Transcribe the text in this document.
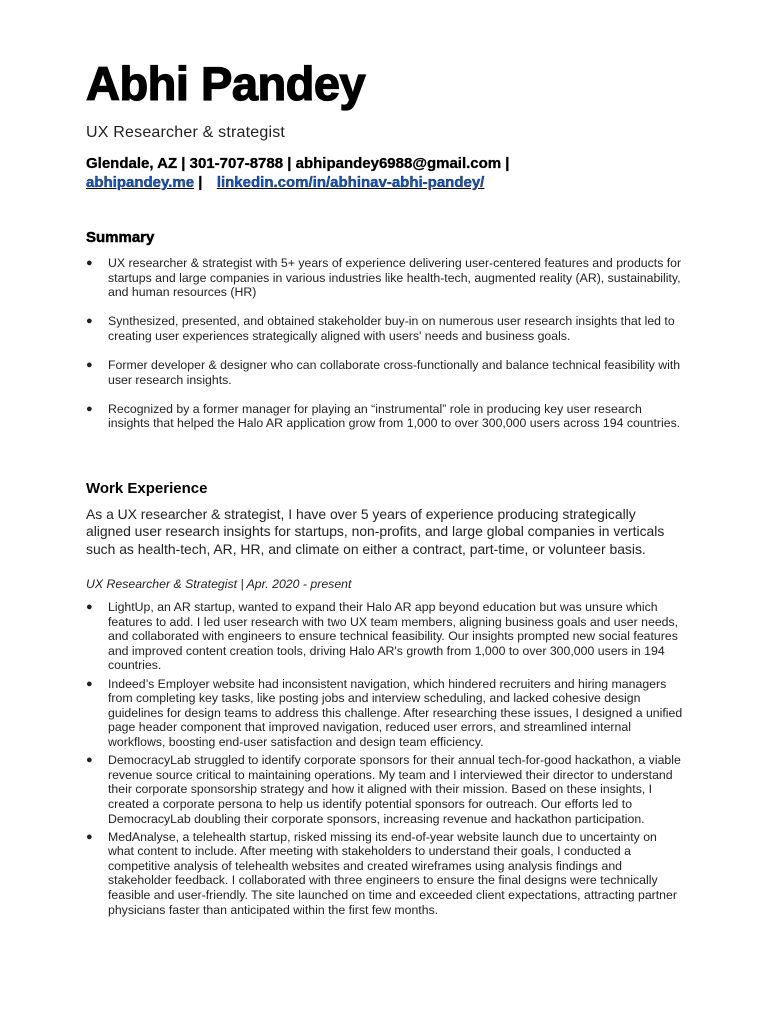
Abhi Pandey
UX Researcher & strategist
Glendale, AZ | 301-707-8788 | abhipandey6988@gmail.com |
abhipandey.me |  linkedin.com/in/abhinav-abhi-pandey/
Summary
● UX researcher & strategist with 5+ years of experience delivering user-centered features and products for startups and large companies in various industries like health-tech, augmented reality (AR), sustainability, and human resources (HR)
● Synthesized, presented, and obtained stakeholder buy-in on numerous user research insights that led to creating user experiences strategically aligned with users' needs and business goals.
● Former developer & designer who can collaborate cross-functionally and balance technical feasibility with user research insights.
● Recognized by a former manager for playing an “instrumental” role in producing key user research insights that helped the Halo AR application grow from 1,000 to over 300,000 users across 194 countries.
Work Experience
As a UX researcher & strategist, I have over 5 years of experience producing strategically aligned user research insights for startups, non-profits, and large global companies in verticals such as health-tech, AR, HR, and climate on either a contract, part-time, or volunteer basis.
UX Researcher & Strategist | Apr. 2020 - present
● LightUp, an AR startup, wanted to expand their Halo AR app beyond education but was unsure which features to add. I led user research with two UX team members, aligning business goals and user needs, and collaborated with engineers to ensure technical feasibility. Our insights prompted new social features and improved content creation tools, driving Halo AR's growth from 1,000 to over 300,000 users in 194 countries.
● Indeed’s Employer website had inconsistent navigation, which hindered recruiters and hiring managers from completing key tasks, like posting jobs and interview scheduling, and lacked cohesive design guidelines for design teams to address this challenge. After researching these issues, I designed a unified page header component that improved navigation, reduced user errors, and streamlined internal workflows, boosting end-user satisfaction and design team efficiency.
● DemocracyLab struggled to identify corporate sponsors for their annual tech-for-good hackathon, a viable revenue source critical to maintaining operations. My team and I interviewed their director to understand their corporate sponsorship strategy and how it aligned with their mission. Based on these insights, I created a corporate persona to help us identify potential sponsors for outreach. Our efforts led to DemocracyLab doubling their corporate sponsors, increasing revenue and hackathon participation.
● MedAnalyse, a telehealth startup, risked missing its end-of-year website launch due to uncertainty on what content to include. After meeting with stakeholders to understand their goals, I conducted a competitive analysis of telehealth websites and created wireframes using analysis findings and stakeholder feedback. I collaborated with three engineers to ensure the final designs were technically feasible and user-friendly. The site launched on time and exceeded client expectations, attracting partner physicians faster than anticipated within the first few months.
